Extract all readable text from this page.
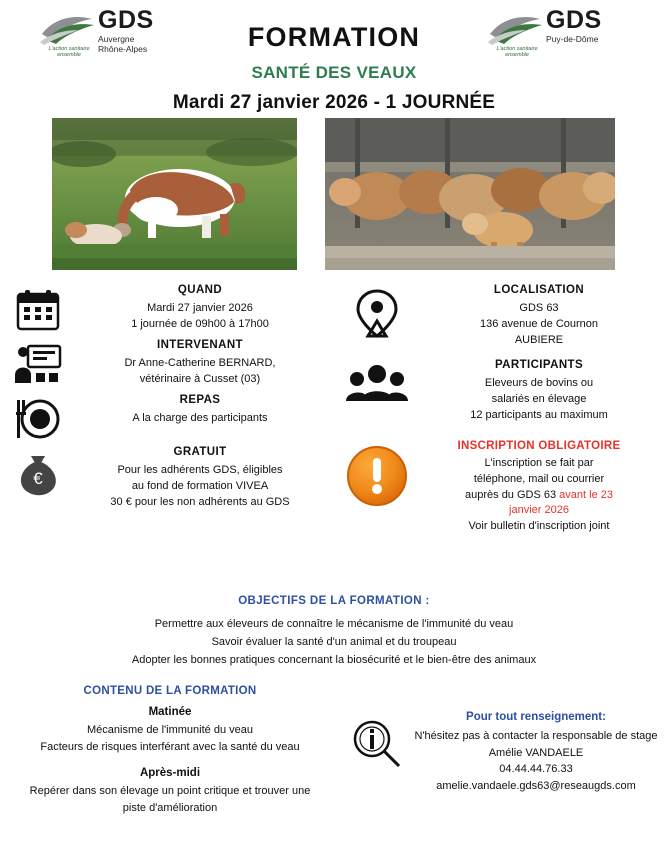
GDS
Auvergne
Rhône-Alpes
L'action sanitaire ensemble
GDS
Puy-de-Dôme
L'action sanitaire ensemble
FORMATION
SANTÉ DES VEAUX
Mardi 27 janvier 2026 - 1 JOURNÉE
QUAND
Mardi 27 janvier 2026
1 journée de 09h00 à 17h00
INTERVENANT
Dr Anne-Catherine BERNARD,
vétérinaire à Cusset (03)
REPAS
A la charge des participants
€
GRATUIT
Pour les adhérents GDS, éligibles
au fond de formation VIVEA
30 € pour les non adhérents au GDS
LOCALISATION
GDS 63
136 avenue de Cournon
AUBIERE
PARTICIPANTS
Eleveurs de bovins ou
salariés en élevage
12 participants au maximum
INSCRIPTION OBLIGATOIRE
L'inscription se fait par
téléphone, mail ou courrier
auprès du GDS 63 avant le 23
janvier 2026
Voir bulletin d'inscription joint
OBJECTIFS DE LA FORMATION :
Permettre aux éleveurs de connaître le mécanisme de l'immunité du veau
Savoir évaluer la santé d'un animal et du troupeau
Adopter les bonnes pratiques concernant la biosécurité et le bien-être des animaux
CONTENU DE LA FORMATION
Matinée
Mécanisme de l'immunité du veau
Facteurs de risques interférant avec la santé du veau
Après-midi
Repérer dans son élevage un point critique et trouver une
piste d'amélioration
Pour tout renseignement:
N'hésitez pas à contacter la responsable de stage
Amélie VANDAELE
04.44.44.76.33
amelie.vandaele.gds63@reseaugds.com
